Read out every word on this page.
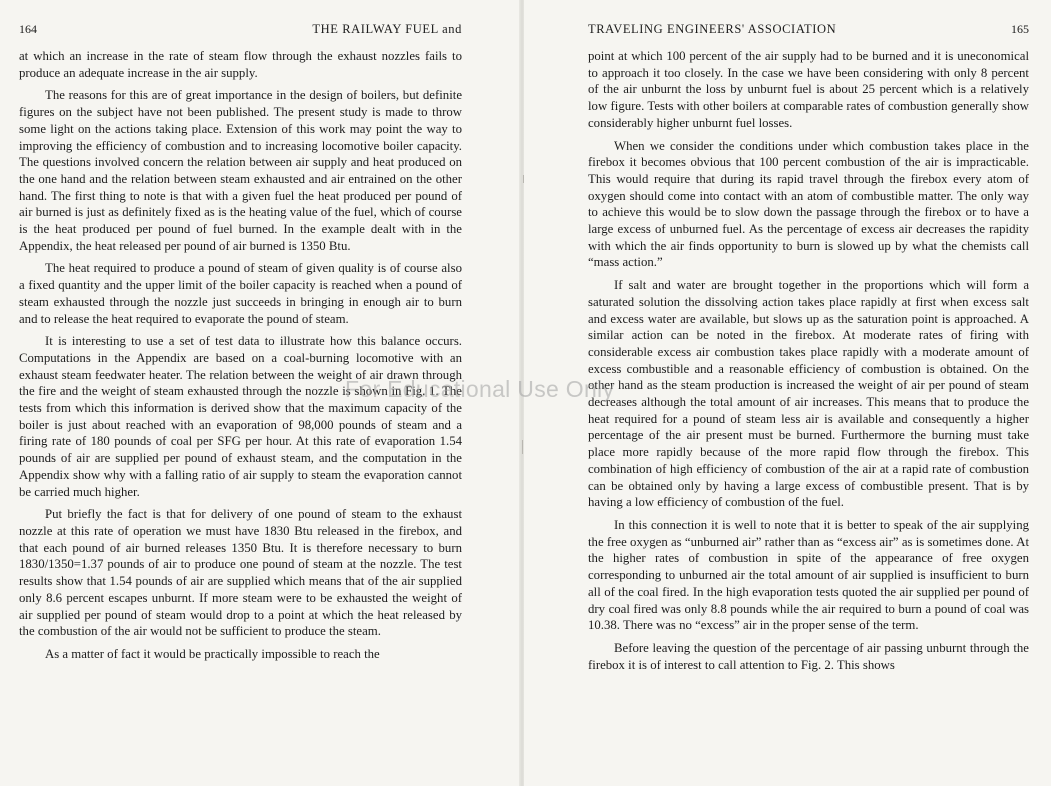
164	THE RAILWAY FUEL and

at which an increase in the rate of steam flow through the exhaust nozzles fails to produce an adequate increase in the air supply.

The reasons for this are of great importance in the design of boilers, but definite figures on the subject have not been published. The present study is made to throw some light on the actions taking place. Extension of this work may point the way to improving the efficiency of combustion and to increasing locomotive boiler capacity. The questions involved concern the relation between air supply and heat produced on the one hand and the relation between steam exhausted and air entrained on the other hand. The first thing to note is that with a given fuel the heat produced per pound of air burned is just as definitely fixed as is the heating value of the fuel, which of course is the heat produced per pound of fuel burned. In the example dealt with in the Appendix, the heat released per pound of air burned is 1350 Btu.

The heat required to produce a pound of steam of given quality is of course also a fixed quantity and the upper limit of the boiler capacity is reached when a pound of steam exhausted through the nozzle just succeeds in bringing in enough air to burn and to release the heat required to evaporate the pound of steam.

It is interesting to use a set of test data to illustrate how this balance occurs. Computations in the Appendix are based on a coal-burning locomotive with an exhaust steam feedwater heater. The relation between the weight of air drawn through the fire and the weight of steam exhausted through the nozzle is shown in Fig. 1. The tests from which this information is derived show that the maximum capacity of the boiler is just about reached with an evaporation of 98,000 pounds of steam and a firing rate of 180 pounds of coal per SFG per hour. At this rate of evaporation 1.54 pounds of air are supplied per pound of exhaust steam, and the computation in the Appendix show why with a falling ratio of air supply to steam the evaporation cannot be carried much higher.

Put briefly the fact is that for delivery of one pound of steam to the exhaust nozzle at this rate of operation we must have 1830 Btu released in the firebox, and that each pound of air burned releases 1350 Btu. It is therefore necessary to burn 1830/1350=1.37 pounds of air to produce one pound of steam at the nozzle. The test results show that 1.54 pounds of air are supplied which means that of the air supplied only 8.6 percent escapes unburnt. If more steam were to be exhausted the weight of air supplied per pound of steam would drop to a point at which the heat released by the combustion of the air would not be sufficient to produce the steam.

As a matter of fact it would be practically impossible to reach the

TRAVELING ENGINEERS' ASSOCIATION	165

point at which 100 percent of the air supply had to be burned and it is uneconomical to approach it too closely. In the case we have been considering with only 8 percent of the air unburnt the loss by unburnt fuel is about 25 percent which is a relatively low figure. Tests with other boilers at comparable rates of combustion generally show considerably higher unburnt fuel losses.

When we consider the conditions under which combustion takes place in the firebox it becomes obvious that 100 percent combustion of the air is impracticable. This would require that during its rapid travel through the firebox every atom of oxygen should come into contact with an atom of combustible matter. The only way to achieve this would be to slow down the passage through the firebox or to have a large excess of unburned fuel. As the percentage of excess air decreases the rapidity with which the air finds opportunity to burn is slowed up by what the chemists call “mass action.”

If salt and water are brought together in the proportions which will form a saturated solution the dissolving action takes place rapidly at first when excess salt and excess water are available, but slows up as the saturation point is approached. A similar action can be noted in the firebox. At moderate rates of firing with considerable excess air combustion takes place rapidly with a moderate amount of excess combustible and a reasonable efficiency of combustion is obtained. On the other hand as the steam production is increased the weight of air per pound of steam decreases although the total amount of air increases. This means that to produce the heat required for a pound of steam less air is available and consequently a higher percentage of the air present must be burned. Furthermore the burning must take place more rapidly because of the more rapid flow through the firebox. This combination of high efficiency of combustion of the air at a rapid rate of combustion can be obtained only by having a large excess of combustible present. That is by having a low efficiency of combustion of the fuel.

In this connection it is well to note that it is better to speak of the air supplying the free oxygen as “unburned air” rather than as “excess air” as is sometimes done. At the higher rates of combustion in spite of the appearance of free oxygen corresponding to unburned air the total amount of air supplied is insufficient to burn all of the coal fired. In the high evaporation tests quoted the air supplied per pound of dry coal fired was only 8.8 pounds while the air required to burn a pound of coal was 10.38. There was no “excess” air in the proper sense of the term.

Before leaving the question of the percentage of air passing unburnt through the firebox it is of interest to call attention to Fig. 2. This shows

For Educational Use Only
